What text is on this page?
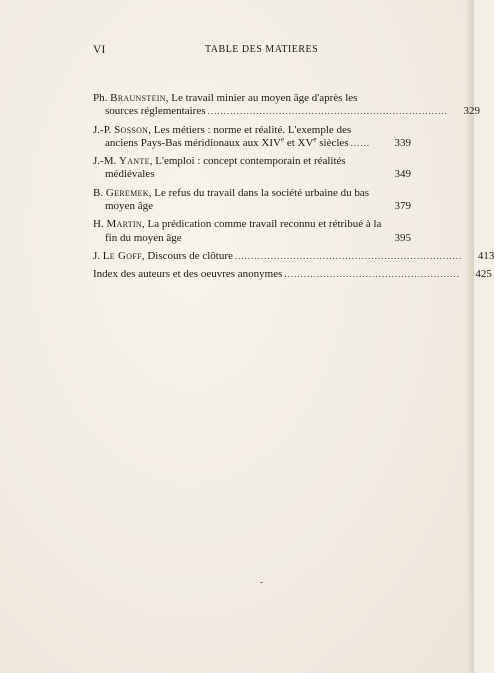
VI	TABLE DES MATIERES
Ph. Braunstein, Le travail minier au moyen âge d'après les
sources réglementaires ..........................................................................	329
J.-P. Sosson, Les métiers : norme et réalité. L'exemple des
anciens Pays-Bas méridionaux aux XIVe et XVe siècles ......	339
J.-M. Yante, L'emploi : concept contemporain et réalités
médiévales	349
B. Geremek, Le refus du travail dans la société urbaine du bas
moyen âge	379
H. Martin, La prédication comme travail reconnu et rétribué à la
fin du moyen âge	395
J. Le Goff, Discours de clôture ......................................................................	413
Index des auteurs et des oeuvres anonymes ......................................................	425
